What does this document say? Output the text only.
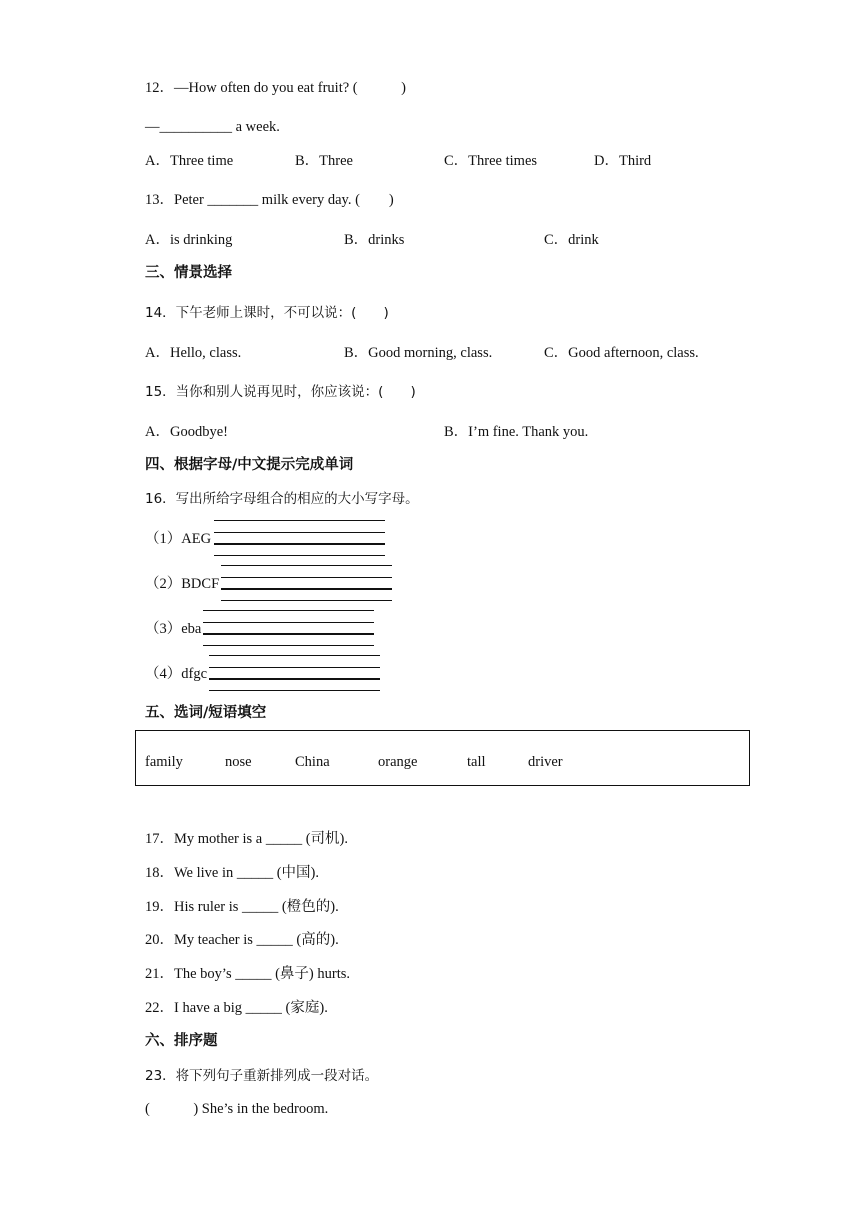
12．—How often do you eat fruit? (　　　)
—__________ a week.
A．Three time	B．Three	C．Three times	D．Third
13．Peter _______ milk every day. (　　)
A．is drinking	B．drinks	C．drink
三、情景选择
14．下午老师上课时，不可以说：(　　)
A．Hello, class.	B．Good morning, class.	C．Good afternoon, class.
15．当你和别人说再见时，你应该说：(　　)
A．Goodbye!	B．I’m fine. Thank you.
四、根据字母/中文提示完成单词
16．写出所给字母组合的相应的大小写字母。
（1）AEG
（2）BDCF
（3）eba
（4）dfgc
五、选词/短语填空
family	nose	China	orange	tall	driver
17．My mother is a _____ (司机).
18．We live in _____ (中国).
19．His ruler is _____ (橙色的).
20．My teacher is _____ (高的).
21．The boy’s _____ (鼻子) hurts.
22．I have a big _____ (家庭).
六、排序题
23．将下列句子重新排列成一段对话。
(　　　) She’s in the bedroom.
